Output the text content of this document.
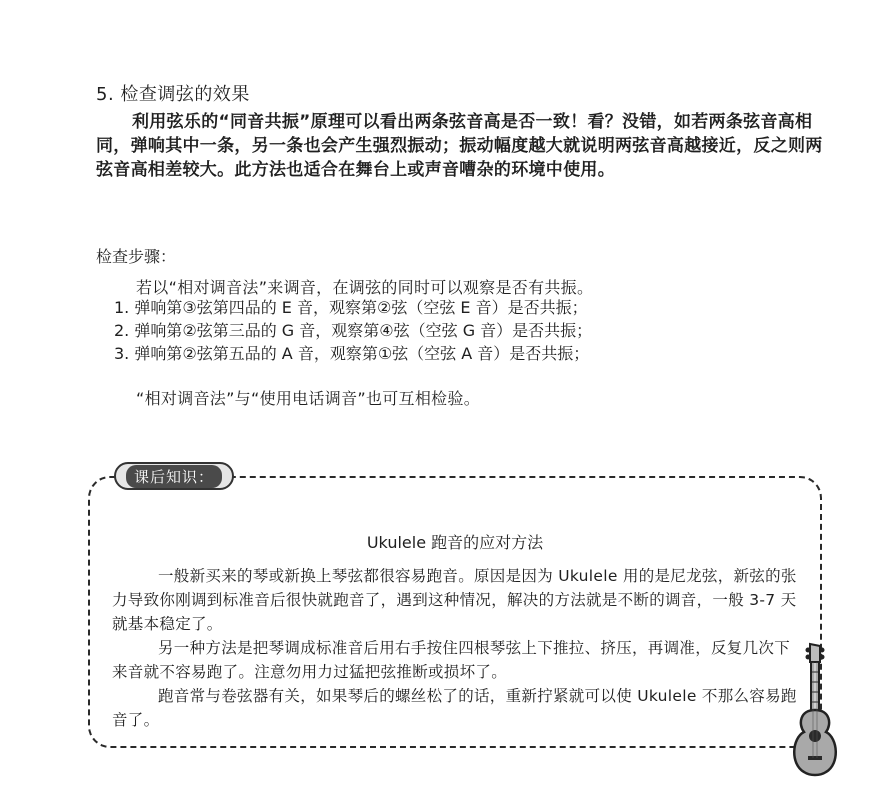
5. 检查调弦的效果
利用弦乐的“同音共振”原理可以看出两条弦音高是否一致！看？没错，如若两条弦音高相同，弹响其中一条，另一条也会产生强烈振动；振动幅度越大就说明两弦音高越接近，反之则两弦音高相差较大。此方法也适合在舞台上或声音嘈杂的环境中使用。
检查步骤：
若以“相对调音法”来调音，在调弦的同时可以观察是否有共振。
1. 弹响第③弦第四品的 E 音，观察第②弦（空弦 E 音）是否共振；
2. 弹响第②弦第三品的 G 音，观察第④弦（空弦 G 音）是否共振；
3. 弹响第②弦第五品的 A 音，观察第①弦（空弦 A 音）是否共振；
“相对调音法”与“使用电话调音”也可互相检验。
课后知识：
Ukulele 跑音的应对方法

一般新买来的琴或新换上琴弦都很容易跑音。原因是因为 Ukulele 用的是尼龙弦，新弦的张力导致你刚调到标准音后很快就跑音了，遇到这种情况，解决的方法就是不断的调音，一般 3-7 天就基本稳定了。

另一种方法是把琴调成标准音后用右手按住四根琴弦上下推拉、挤压，再调准，反复几次下来音就不容易跑了。注意勿用力过猛把弦推断或损坏了。

跑音常与卷弦器有关，如果琴后的螺丝松了的话，重新拧紧就可以使 Ukulele 不那么容易跑音了。
